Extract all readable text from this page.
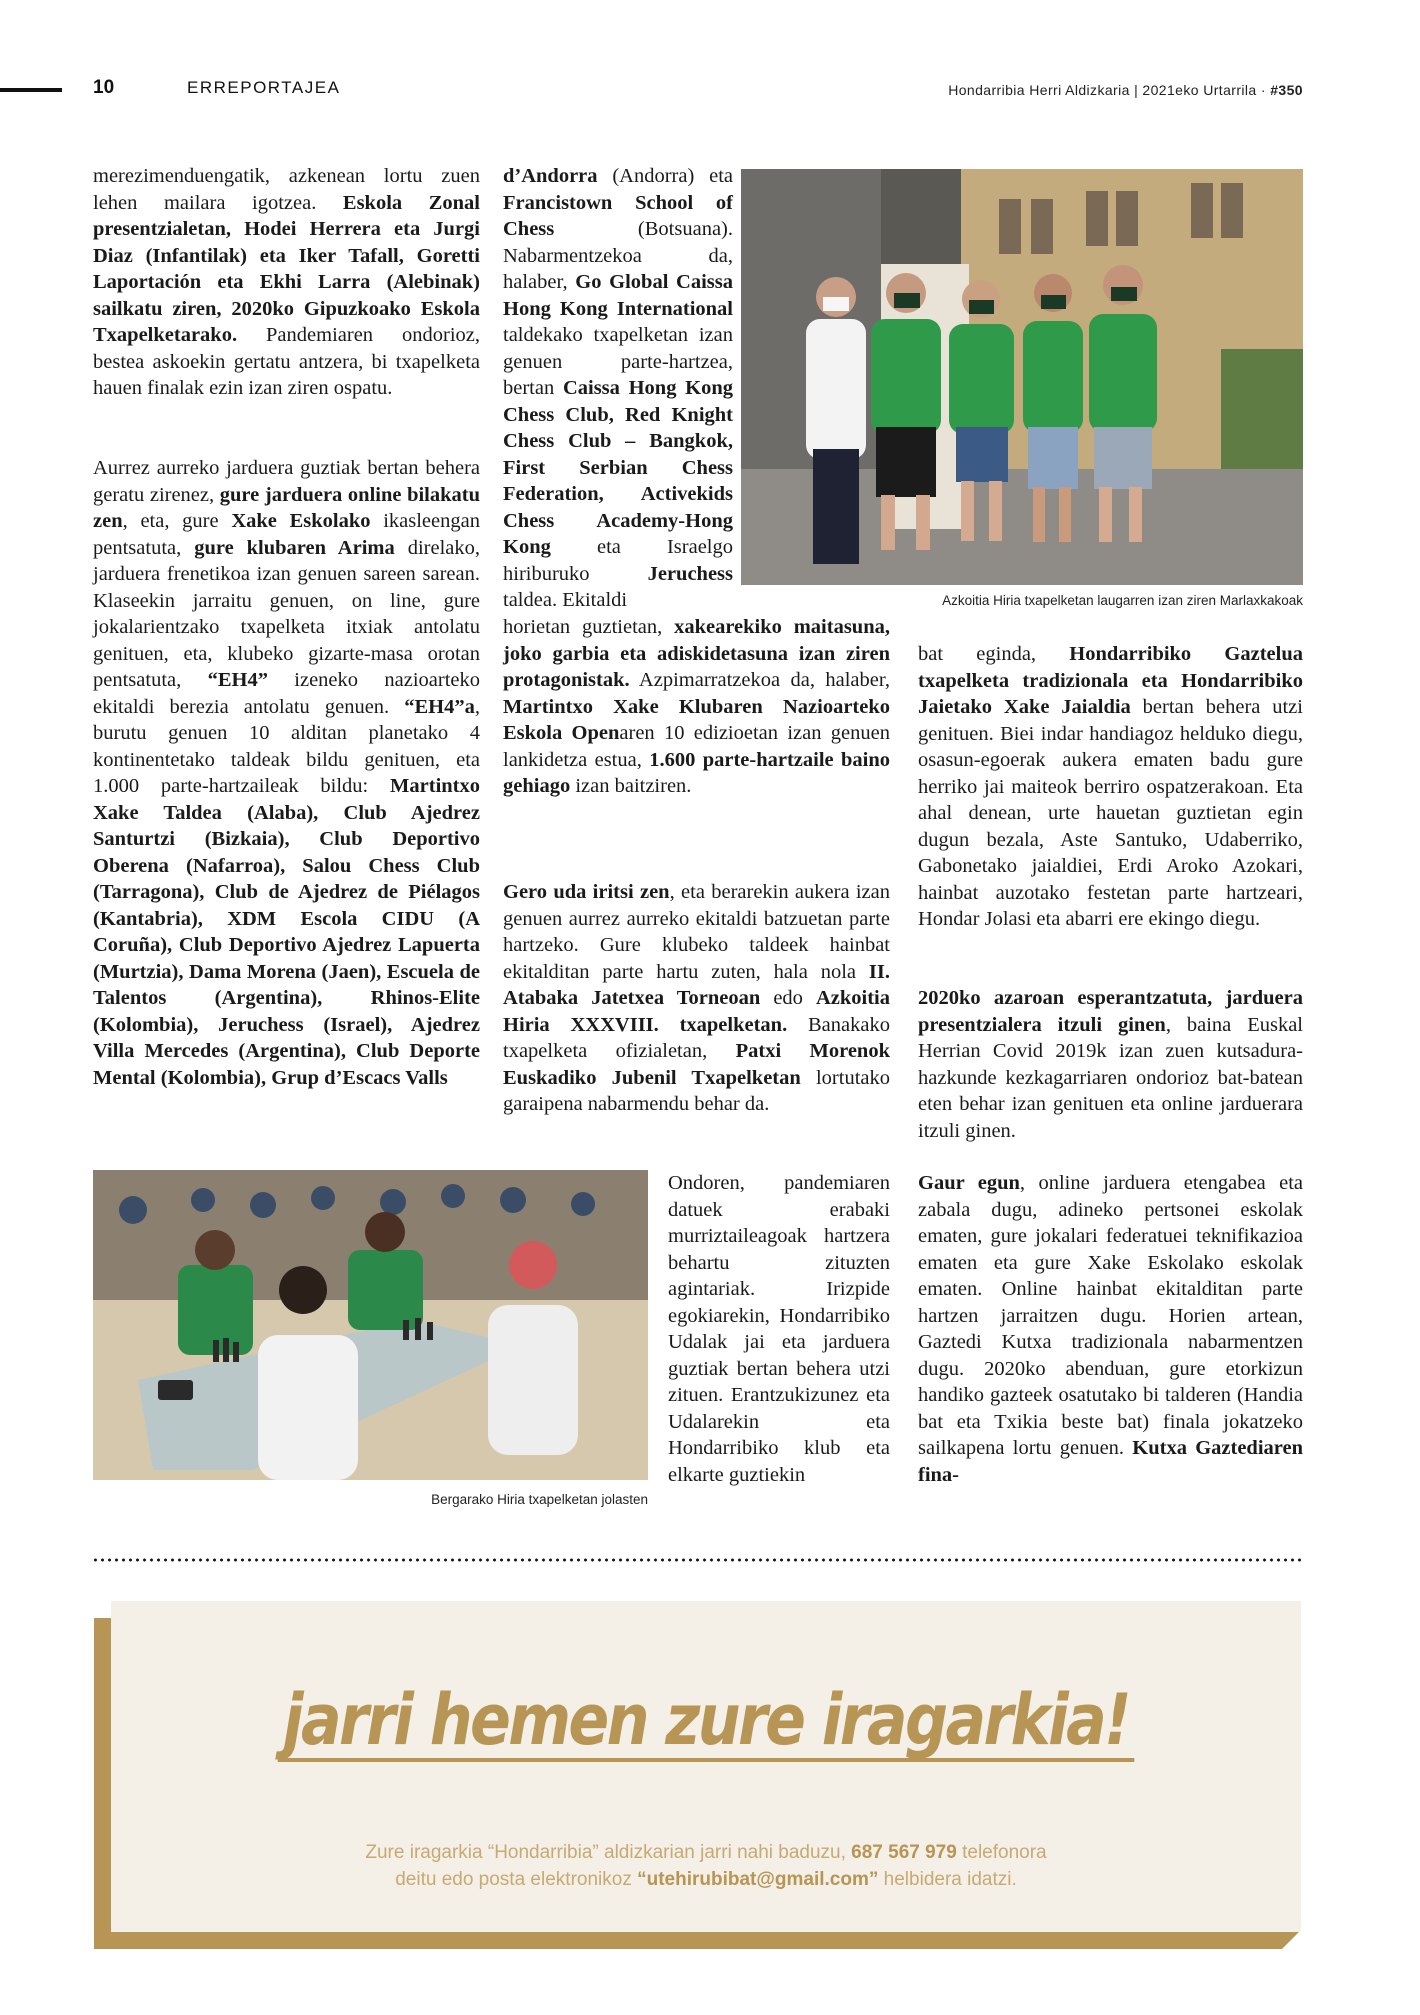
10	ERREPORTAJEA	Hondarribia Herri Aldizkaria | 2021eko Urtarrila · #350

merezimenduengatik, azkenean lortu zuen lehen mailara igotzea. Eskola Zonal presentzialetan, Hodei Herrera eta Jurgi Diaz (Infantilak) eta Iker Tafall, Goretti Laportación eta Ekhi Larra (Alebinak) sailkatu ziren, 2020ko Gipuzkoako Eskola Txapelketarako. Pandemiaren ondorioz, bestea askoekin gertatu antzera, bi txapelketa hauen finalak ezin izan ziren ospatu.

Aurrez aurreko jarduera guztiak bertan behera geratu zirenez, gure jarduera online bilakatu zen, eta, gure Xake Eskolako ikasleengan pentsatuta, gure klubaren Arima direlako, jarduera frenetikoa izan genuen sareen sarean. Klaseekin jarraitu genuen, on line, gure jokalarientzako txapelketa itxiak antolatu genituen, eta, klubeko gizarte-masa orotan pentsatuta, “EH4” izeneko nazioarteko ekitaldi berezia antolatu genuen. “EH4”a, burutu genuen 10 alditan planetako 4 kontinentetako taldeak bildu genituen, eta 1.000 parte-hartzaileak bildu: Martintxo Xake Taldea (Alaba), Club Ajedrez Santurtzi (Bizkaia), Club Deportivo Oberena (Nafarroa), Salou Chess Club (Tarragona), Club de Ajedrez de Piélagos (Kantabria), XDM Escola CIDU (A Coruña), Club Deportivo Ajedrez Lapuerta (Murtzia), Dama Morena (Jaen), Escuela de Talentos (Argentina), Rhinos-Elite (Kolombia), Jeruchess (Israel), Ajedrez Villa Mercedes (Argentina), Club Deporte Mental (Kolombia), Grup d’Escacs Valls

d’Andorra (Andorra) eta Francistown School of Chess (Botsuana). Nabarmentzekoa da, halaber, Go Global Caissa Hong Kong International taldekako txapelketan izan genuen parte-hartzea, bertan Caissa Hong Kong Chess Club, Red Knight Chess Club – Bangkok, First Serbian Chess Federation, Activekids Chess Academy-Hong Kong eta Israelgo hiriburuko Jeruchess taldea. Ekitaldi

horietan guztietan, xakearekiko maitasuna, joko garbia eta adiskidetasuna izan ziren protagonistak. Azpimarratzekoa da, halaber, Martintxo Xake Klubaren Nazioarteko Eskola Openaren 10 edizioetan izan genuen lankidetza estua, 1.600 parte-hartzaile baino gehiago izan baitziren.

Gero uda iritsi zen, eta berarekin aukera izan genuen aurrez aurreko ekitaldi batzuetan parte hartzeko. Gure klubeko taldeek hainbat ekitalditan parte hartu zuten, hala nola II. Atabaka Jatetxea Torneoan edo Azkoitia Hiria XXXVIII. txapelketan. Banakako txapelketa ofizialetan, Patxi Morenok Euskadiko Jubenil Txapelketan lortutako garaipena nabarmendu behar da.

Ondoren, pandemiaren datuek erabaki murriztaileagoak hartzera behartu zituzten agintariak. Irizpide egokiarekin, Hondarribiko Udalak jai eta jarduera guztiak bertan behera utzi zituen. Erantzukizunez eta Udalarekin eta Hondarribiko klub eta elkarte guztiekin

bat eginda, Hondarribiko Gaztelua txapelketa tradizionala eta Hondarribiko Jaietako Xake Jaialdia bertan behera utzi genituen. Biei indar handiagoz helduko diegu, osasun-egoerak aukera ematen badu gure herriko jai maiteok berriro ospatzerakoan. Eta ahal denean, urte hauetan guztietan egin dugun bezala, Aste Santuko, Udaberriko, Gabonetako jaialdiei, Erdi Aroko Azokari, hainbat auzotako festetan parte hartzeari, Hondar Jolasi eta abarri ere ekingo diegu.

2020ko azaroan esperantzatuta, jarduera presentzialera itzuli ginen, baina Euskal Herrian Covid 2019k izan zuen kutsadura-hazkunde kezkagarriaren ondorioz bat-batean eten behar izan genituen eta online jarduerara itzuli ginen.

Gaur egun, online jarduera etengabea eta zabala dugu, adineko pertsonei eskolak ematen, gure jokalari federatuei teknifikazioa ematen eta gure Xake Eskolako eskolak ematen. Online hainbat ekitalditan parte hartzen jarraitzen dugu. Horien artean, Gaztedi Kutxa tradizionala nabarmentzen dugu. 2020ko abenduan, gure etorkizun handiko gazteek osatutako bi talderen (Handia bat eta Txikia beste bat) finala jokatzeko sailkapena lortu genuen. Kutxa Gaztediaren fina-

Azkoitia Hiria txapelketan laugarren izan ziren Marlaxkakoak
Bergarako Hiria txapelketan jolasten
jarri hemen zure iragarkia!
Zure iragarkia “Hondarribia” aldizkarian jarri nahi baduzu, 687 567 979 telefonora
deitu edo posta elektronikoz “utehirubibat@gmail.com” helbidera idatzi.
